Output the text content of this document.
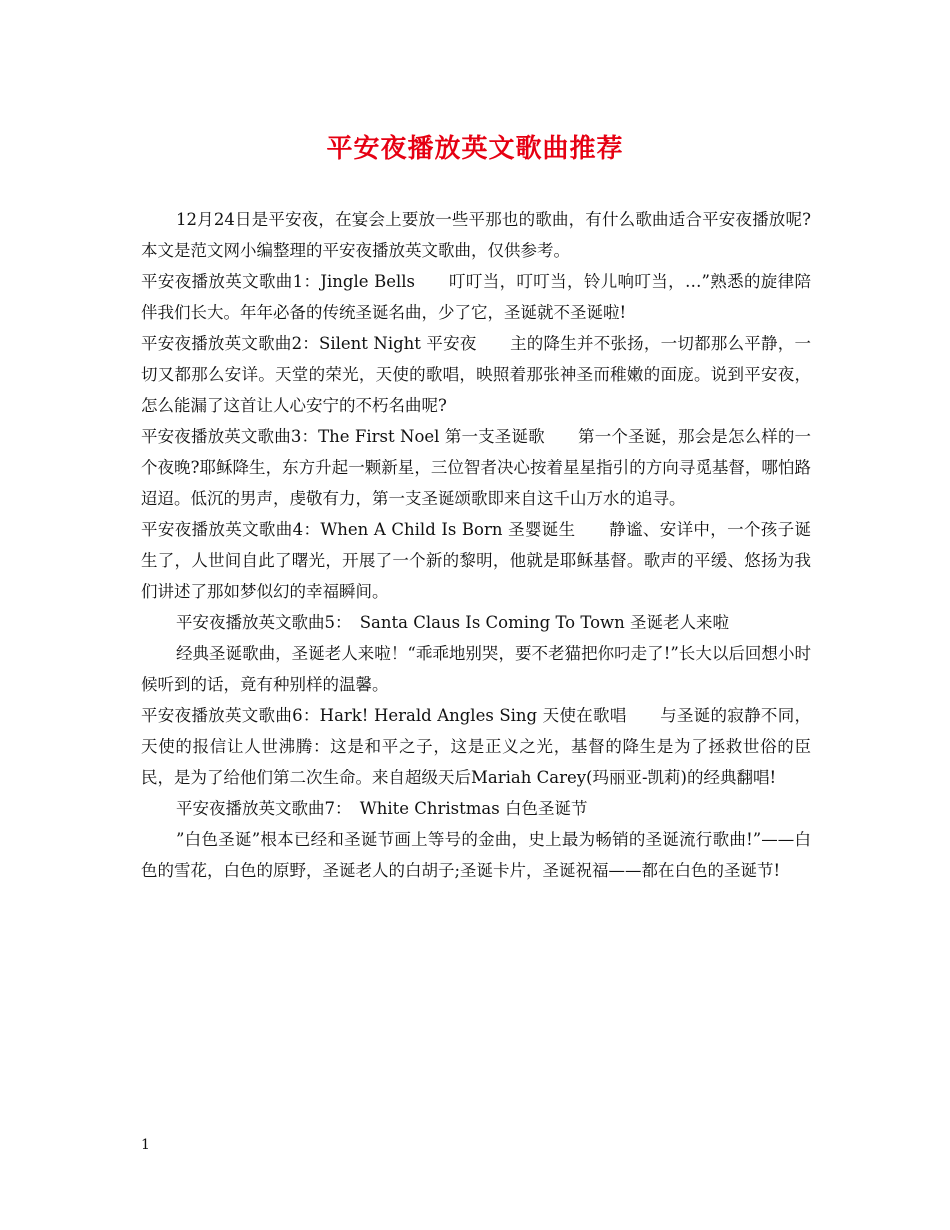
平安夜播放英文歌曲推荐

12月24日是平安夜，在宴会上要放一些平那也的歌曲，有什么歌曲适合平安夜播放呢?本文是范文网小编整理的平安夜播放英文歌曲，仅供参考。

平安夜播放英文歌曲1：Jingle Bells　　叮叮当，叮叮当，铃儿响叮当，…”熟悉的旋律陪伴我们长大。年年必备的传统圣诞名曲，少了它，圣诞就不圣诞啦!

平安夜播放英文歌曲2：Silent Night 平安夜　　主的降生并不张扬，一切都那么平静，一切又都那么安详。天堂的荣光，天使的歌唱，映照着那张神圣而稚嫩的面庞。说到平安夜，怎么能漏了这首让人心安宁的不朽名曲呢?

平安夜播放英文歌曲3：The First Noel 第一支圣诞歌　　第一个圣诞，那会是怎么样的一个夜晚?耶稣降生，东方升起一颗新星，三位智者决心按着星星指引的方向寻觅基督，哪怕路迢迢。低沉的男声，虔敬有力，第一支圣诞颂歌即来自这千山万水的追寻。

平安夜播放英文歌曲4：When A Child Is Born 圣婴诞生　　静谧、安详中，一个孩子诞生了，人世间自此了曙光，开展了一个新的黎明，他就是耶稣基督。歌声的平缓、悠扬为我们讲述了那如梦似幻的幸福瞬间。

平安夜播放英文歌曲5：　Santa Claus Is Coming To Town 圣诞老人来啦

经典圣诞歌曲，圣诞老人来啦！“乖乖地别哭，要不老猫把你叼走了!”长大以后回想小时候听到的话，竟有种别样的温馨。

平安夜播放英文歌曲6：Hark! Herald Angles Sing 天使在歌唱　　与圣诞的寂静不同，天使的报信让人世沸腾：这是和平之子，这是正义之光，基督的降生是为了拯救世俗的臣民，是为了给他们第二次生命。来自超级天后Mariah Carey(玛丽亚-凯莉)的经典翻唱!

平安夜播放英文歌曲7：　White Christmas 白色圣诞节

”白色圣诞”根本已经和圣诞节画上等号的金曲，史上最为畅销的圣诞流行歌曲!”——白色的雪花，白色的原野，圣诞老人的白胡子;圣诞卡片，圣诞祝福——都在白色的圣诞节!

1
